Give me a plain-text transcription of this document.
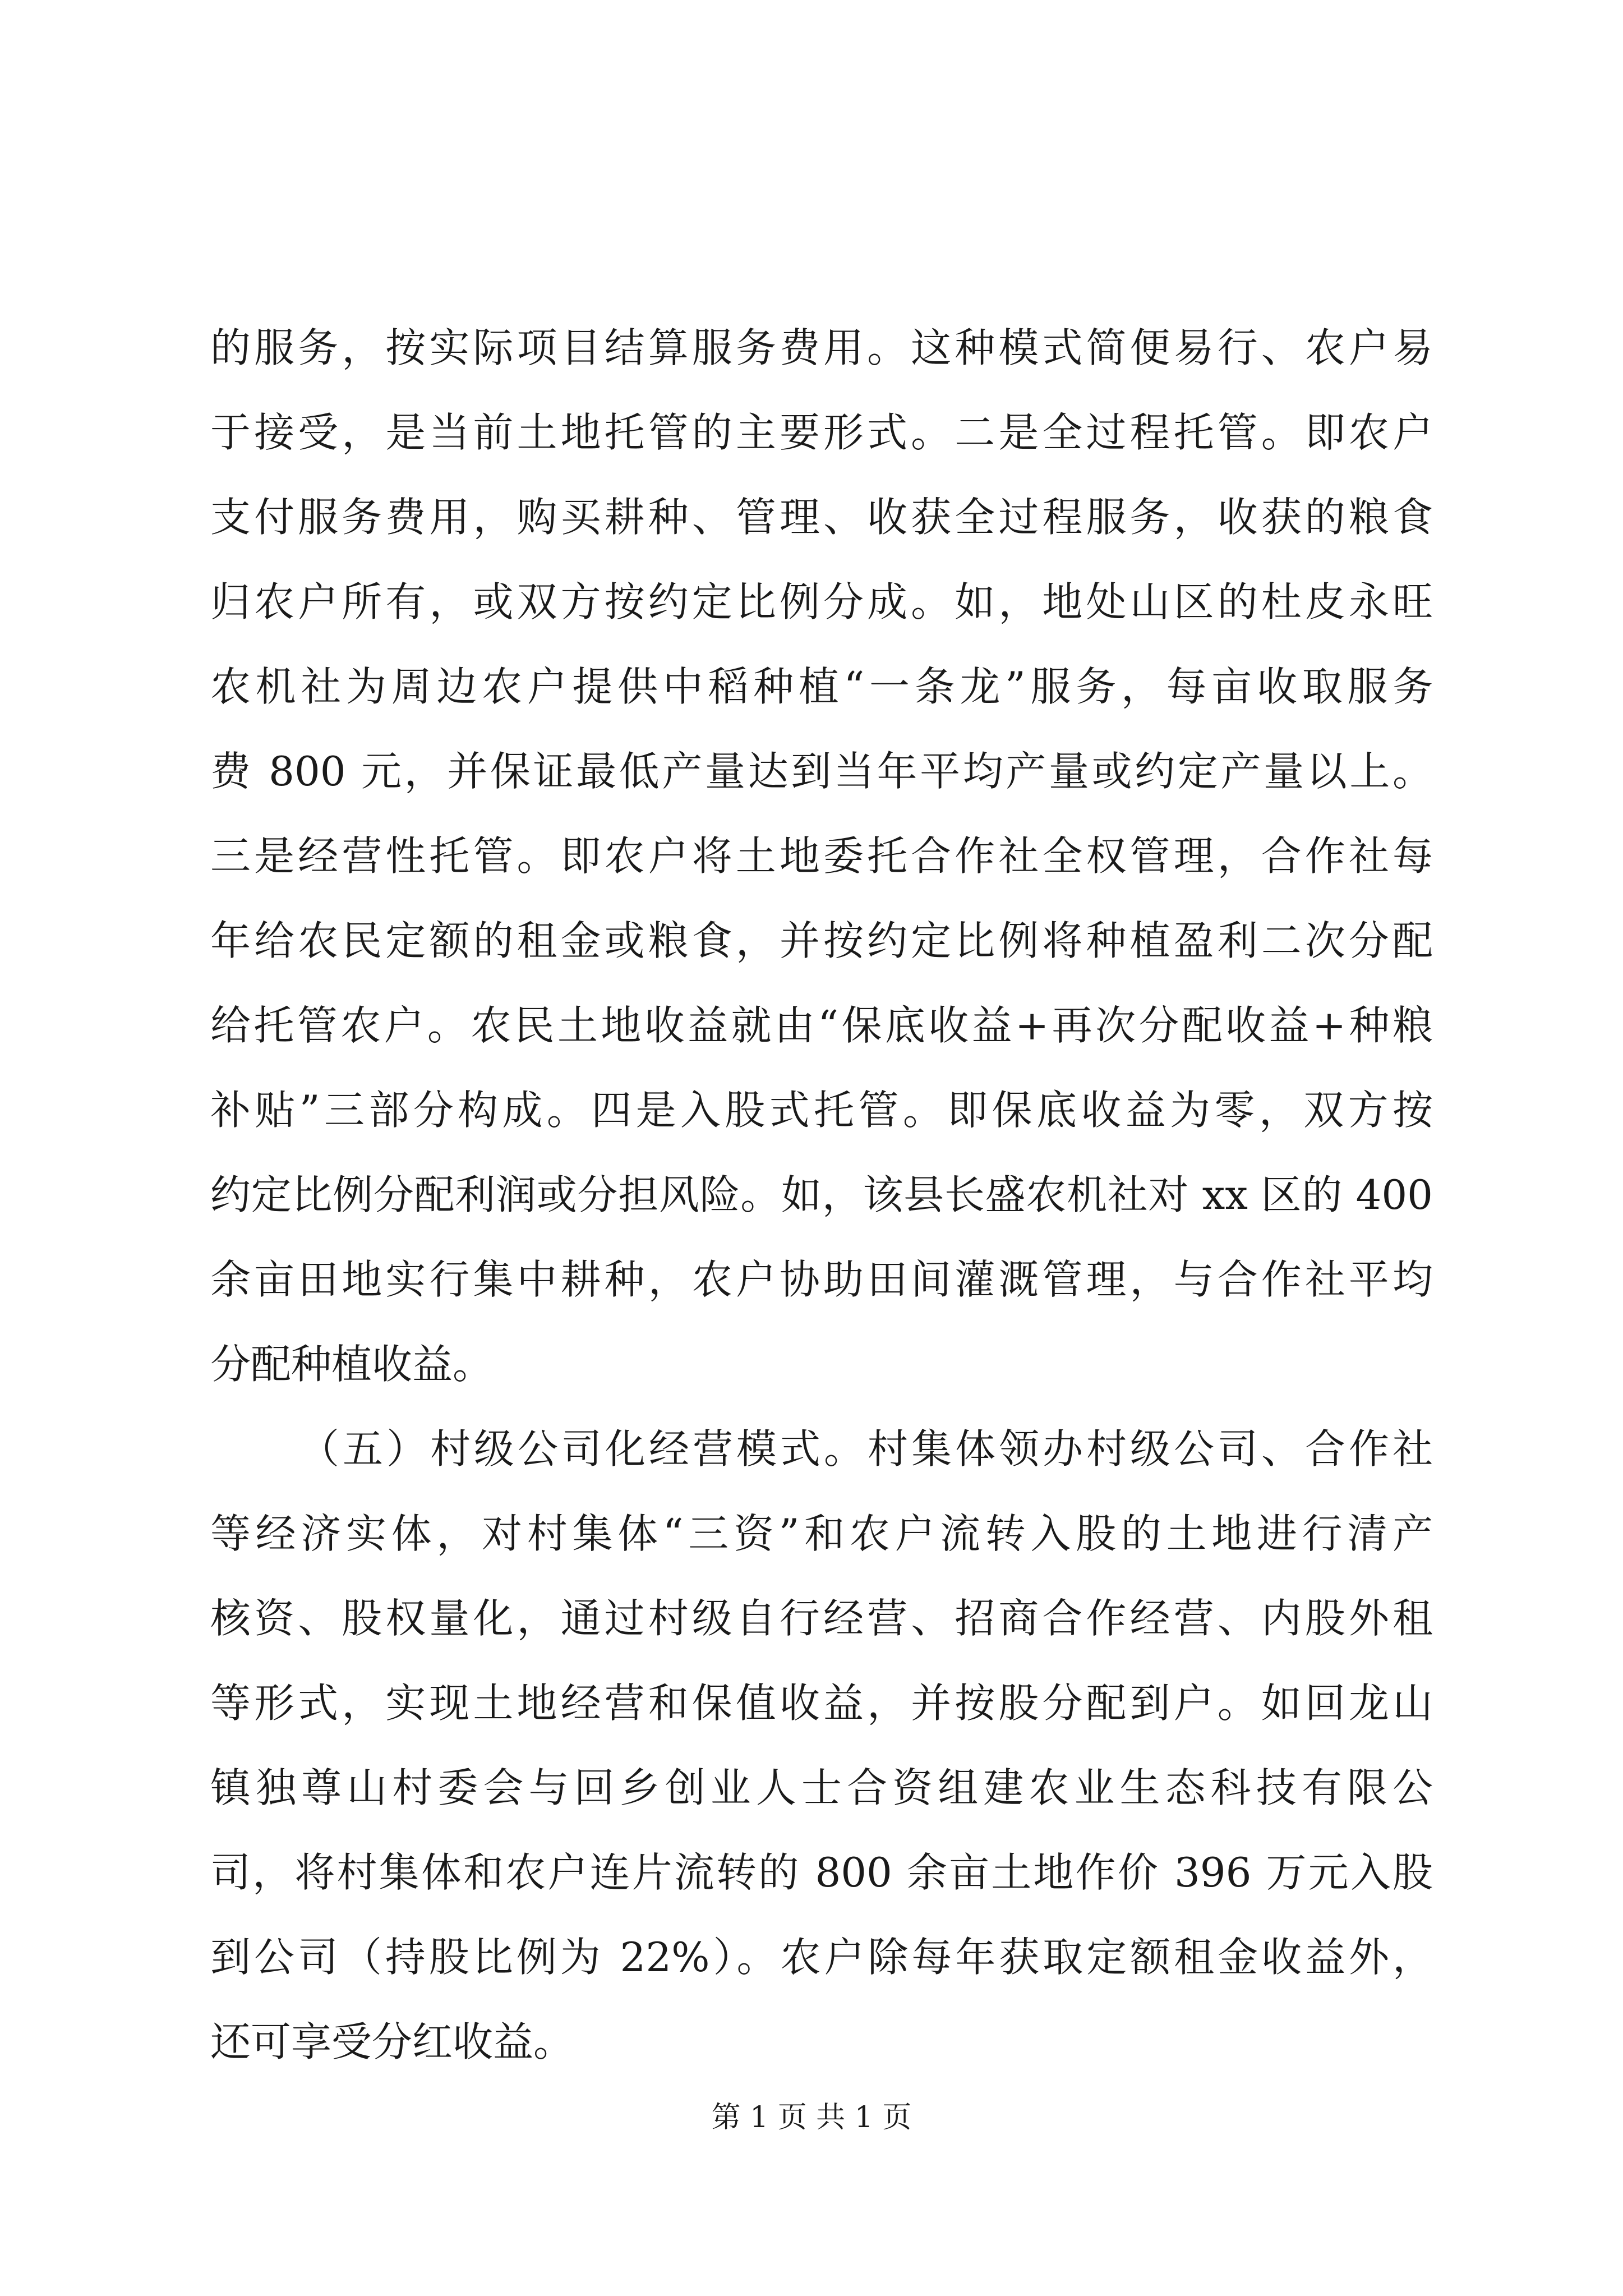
的服务，按实际项目结算服务费用。这种模式简便易行、农户易
于接受，是当前土地托管的主要形式。二是全过程托管。即农户
支付服务费用，购买耕种、管理、收获全过程服务，收获的粮食
归农户所有，或双方按约定比例分成。如，地处山区的杜皮永旺
农机社为周边农户提供中稻种植“一条龙”服务，每亩收取服务
费 800 元，并保证最低产量达到当年平均产量或约定产量以上。
三是经营性托管。即农户将土地委托合作社全权管理，合作社每
年给农民定额的租金或粮食，并按约定比例将种植盈利二次分配
给托管农户。农民土地收益就由“保底收益+再次分配收益+种粮
补贴”三部分构成。四是入股式托管。即保底收益为零，双方按
约定比例分配利润或分担风险。如，该县长盛农机社对 xx 区的 400
余亩田地实行集中耕种，农户协助田间灌溉管理，与合作社平均
分配种植收益。
（五）村级公司化经营模式。村集体领办村级公司、合作社
等经济实体，对村集体“三资”和农户流转入股的土地进行清产
核资、股权量化，通过村级自行经营、招商合作经营、内股外租
等形式，实现土地经营和保值收益，并按股分配到户。如回龙山
镇独尊山村委会与回乡创业人士合资组建农业生态科技有限公
司，将村集体和农户连片流转的 800 余亩土地作价 396 万元入股
到公司（持股比例为 22%）。农户除每年获取定额租金收益外，
还可享受分红收益。
第 1 页 共 1 页
